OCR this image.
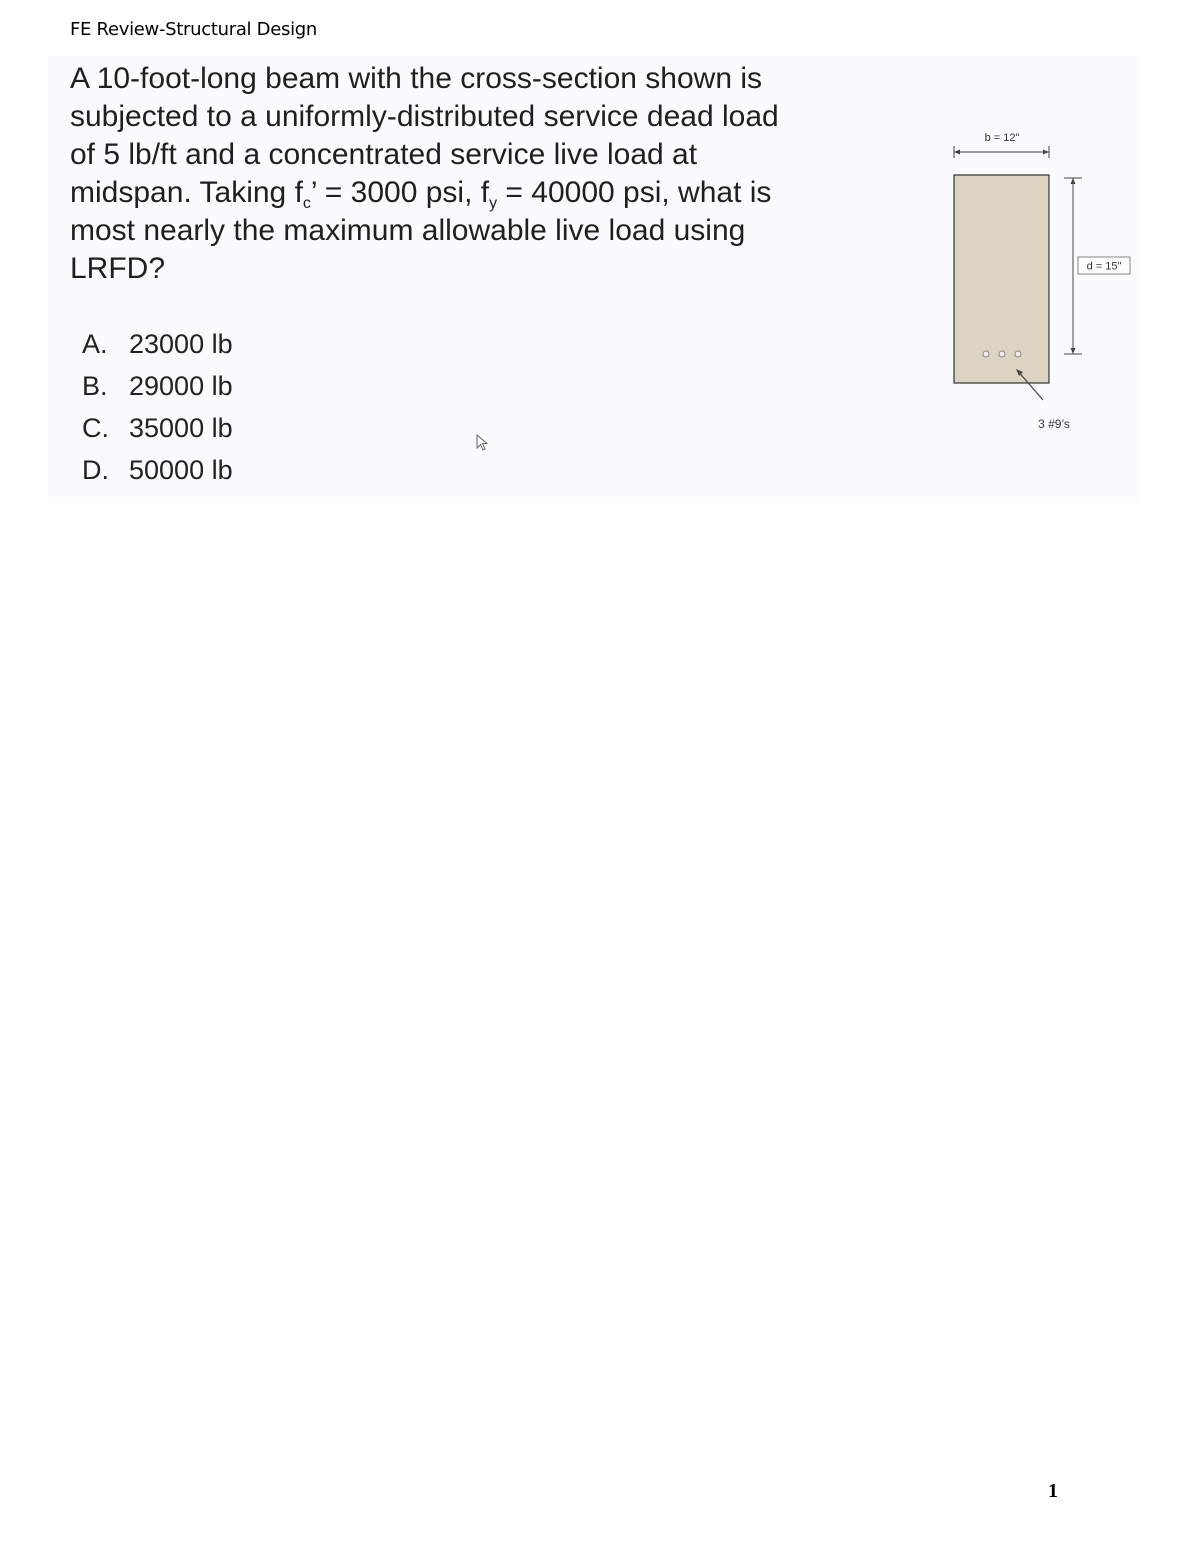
FE Review-Structural Design
A 10-foot-long beam with the cross-section shown is
subjected to a uniformly-distributed service dead load
of 5 lb/ft and a concentrated service live load at
midspan. Taking $f_c$’ = 3000 psi, $f_y = 40000$ psi, what is
most nearly the maximum allowable live load using
LRFD?
A. 23000 lb
B. 29000 lb
C. 35000 lb
D. 50000 lb
b = 12"
d = 15"
3 #9’s
1
